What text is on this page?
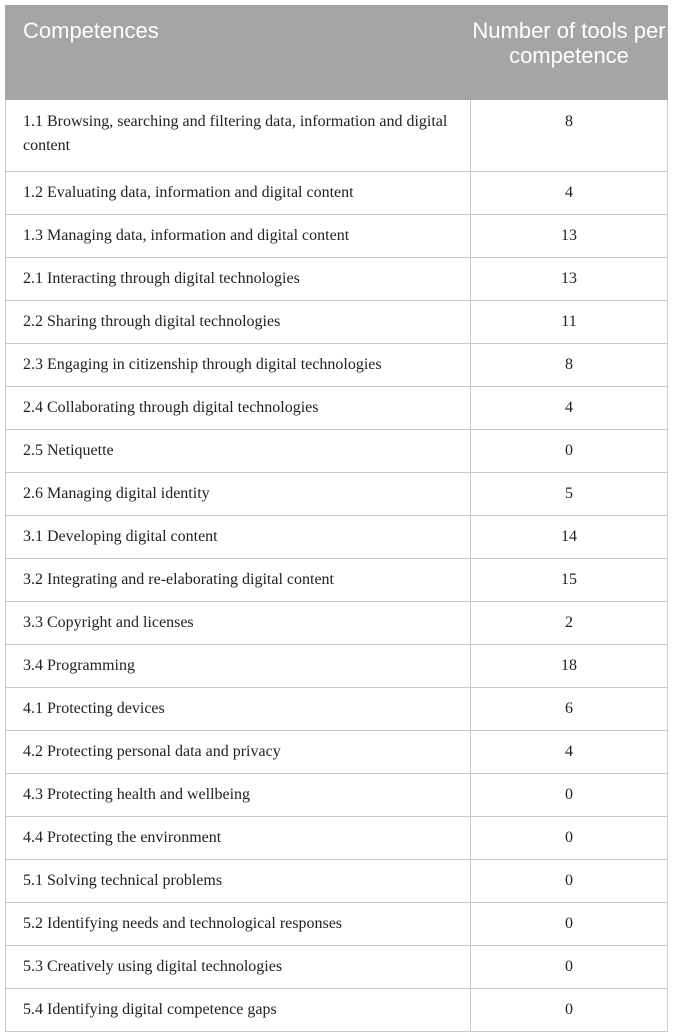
Competences	Number of tools per competence
1.1 Browsing, searching and filtering data, information and digital content	8
1.2 Evaluating data, information and digital content	4
1.3 Managing data, information and digital content	13
2.1 Interacting through digital technologies	13
2.2 Sharing through digital technologies	11
2.3 Engaging in citizenship through digital technologies	8
2.4 Collaborating through digital technologies	4
2.5 Netiquette	0
2.6 Managing digital identity	5
3.1 Developing digital content	14
3.2 Integrating and re-elaborating digital content	15
3.3 Copyright and licenses	2
3.4 Programming	18
4.1 Protecting devices	6
4.2 Protecting personal data and privacy	4
4.3 Protecting health and wellbeing	0
4.4 Protecting the environment	0
5.1 Solving technical problems	0
5.2 Identifying needs and technological responses	0
5.3 Creatively using digital technologies	0
5.4 Identifying digital competence gaps	0
